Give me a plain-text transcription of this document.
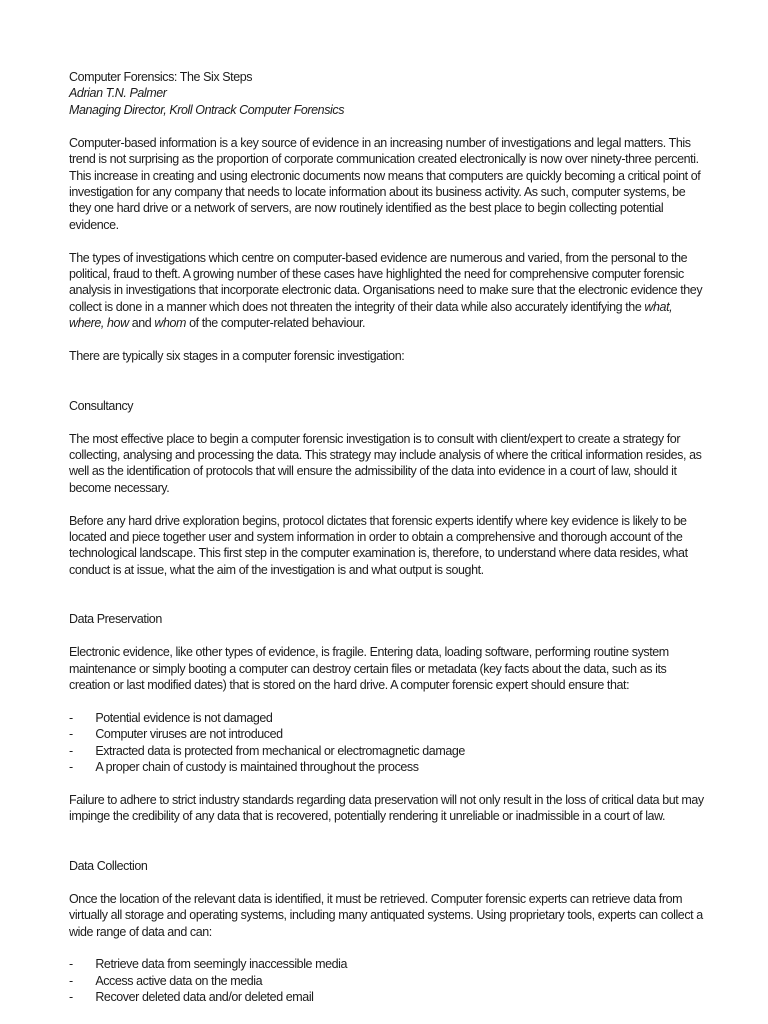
Computer Forensics: The Six Steps

Adrian T.N. Palmer

Managing Director, Kroll Ontrack Computer Forensics

Computer-based information is a key source of evidence in an increasing number of investigations and legal matters. This trend is not surprising as the proportion of corporate communication created electronically is now over ninety-three percenti. This increase in creating and using electronic documents now means that computers are quickly becoming a critical point of investigation for any company that needs to locate information about its business activity. As such, computer systems, be they one hard drive or a network of servers, are now routinely identified as the best place to begin collecting potential evidence.

The types of investigations which centre on computer-based evidence are numerous and varied, from the personal to the political, fraud to theft. A growing number of these cases have highlighted the need for comprehensive computer forensic analysis in investigations that incorporate electronic data. Organisations need to make sure that the electronic evidence they collect is done in a manner which does not threaten the integrity of their data while also accurately identifying the what, where, how and whom of the computer-related behaviour.

There are typically six stages in a computer forensic investigation:

Consultancy

The most effective place to begin a computer forensic investigation is to consult with client/expert to create a strategy for collecting, analysing and processing the data. This strategy may include analysis of where the critical information resides, as well as the identification of protocols that will ensure the admissibility of the data into evidence in a court of law, should it become necessary.

Before any hard drive exploration begins, protocol dictates that forensic experts identify where key evidence is likely to be located and piece together user and system information in order to obtain a comprehensive and thorough account of the technological landscape. This first step in the computer examination is, therefore, to understand where data resides, what conduct is at issue, what the aim of the investigation is and what output is sought.

Data Preservation

Electronic evidence, like other types of evidence, is fragile. Entering data, loading software, performing routine system maintenance or simply booting a computer can destroy certain files or metadata (key facts about the data, such as its creation or last modified dates) that is stored on the hard drive. A computer forensic expert should ensure that:

-	Potential evidence is not damaged
-	Computer viruses are not introduced
-	Extracted data is protected from mechanical or electromagnetic damage
-	A proper chain of custody is maintained throughout the process

Failure to adhere to strict industry standards regarding data preservation will not only result in the loss of critical data but may impinge the credibility of any data that is recovered, potentially rendering it unreliable or inadmissible in a court of law.

Data Collection

Once the location of the relevant data is identified, it must be retrieved. Computer forensic experts can retrieve data from virtually all storage and operating systems, including many antiquated systems. Using proprietary tools, experts can collect a wide range of data and can:

-	Retrieve data from seemingly inaccessible media
-	Access active data on the media
-	Recover deleted data and/or deleted email
